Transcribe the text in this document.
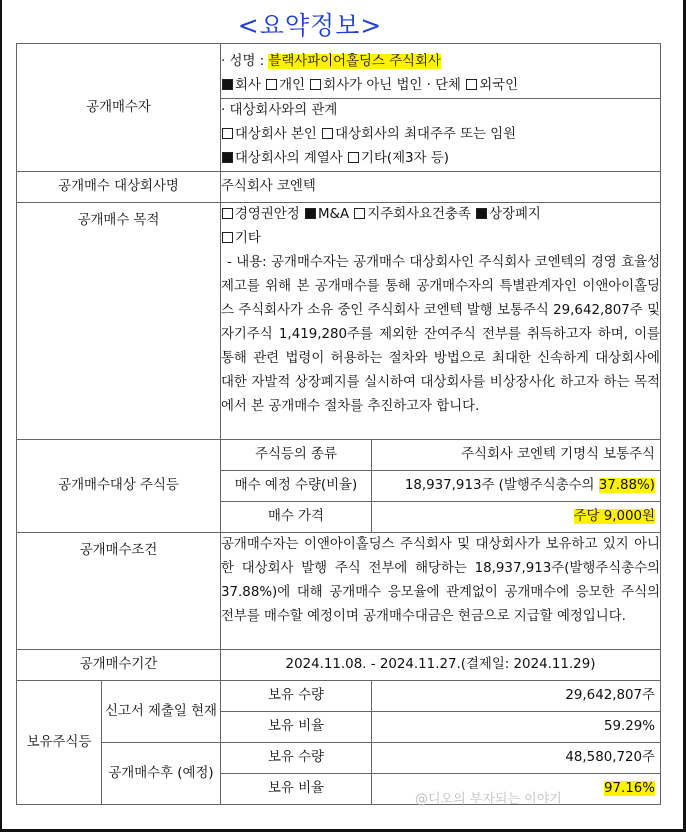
<요약정보>
공개매수자		· 성명 : 블랙사파이어홀딩스 주식회사
회사 개인 회사가 아닌 법인 · 단체 외국인	

		· 대상회사와의 관계
대상회사 본인 대상회사의 최대주주 또는 임원
대상회사의 계열사 기타(제3자 등)	

공개매수 대상회사명		주식회사 코엔텍	
공개매수 목적		경영권안정 M&A 지주회사요건충족 상장폐지
기타
- 내용: 공개매수자는 공개매수 대상회사인 주식회사 코엔텍의 경영 효율성 제고를 위해 본 공개매수를 통해 공개매수자의 특별관계자인 이앤아이홀딩스 주식회사가 소유 중인 주식회사 코엔텍 발행 보통주식 29,642,807주 및 자기주식 1,419,280주를 제외한 잔여주식 전부를 취득하고자 하며, 이를 통해 관련 법령이 허용하는 절차와 방법으로 최대한 신속하게 대상회사에 대한 자발적 상장폐지를 실시하여 대상회사를 비상장사化 하고자 하는 목적에서 본 공개매수 절차를 추진하고자 합니다.	

공개매수대상 주식등		주식등의 종류	주식회사 코엔텍 기명식 보통주식
		매수 예정 수량(비율)	18,937,913주 (발행주식총수의 37.88%)
		매수 가격	주당 9,000원
공개매수조건		공개매수자는 이앤아이홀딩스 주식회사 및 대상회사가 보유하고 있지 아니한 대상회사 발행 주식 전부에 해당하는 18,937,913주(발행주식총수의 37.88%)에 대해 공개매수 응모율에 관계없이 공개매수에 응모한 주식의 전부를 매수할 예정이며 공개매수대금은 현금으로 지급할 예정입니다.	
공개매수기간		2024.11.08. - 2024.11.27.(결제일: 2024.11.29)	
보유주식등	신고서 제출일 현재	보유 수량	29,642,807주
		보유 비율	59.29%
	공개매수후 (예정)	보유 수량	48,580,720주
		보유 비율	97.16%
@디오의 부자되는 이야기
